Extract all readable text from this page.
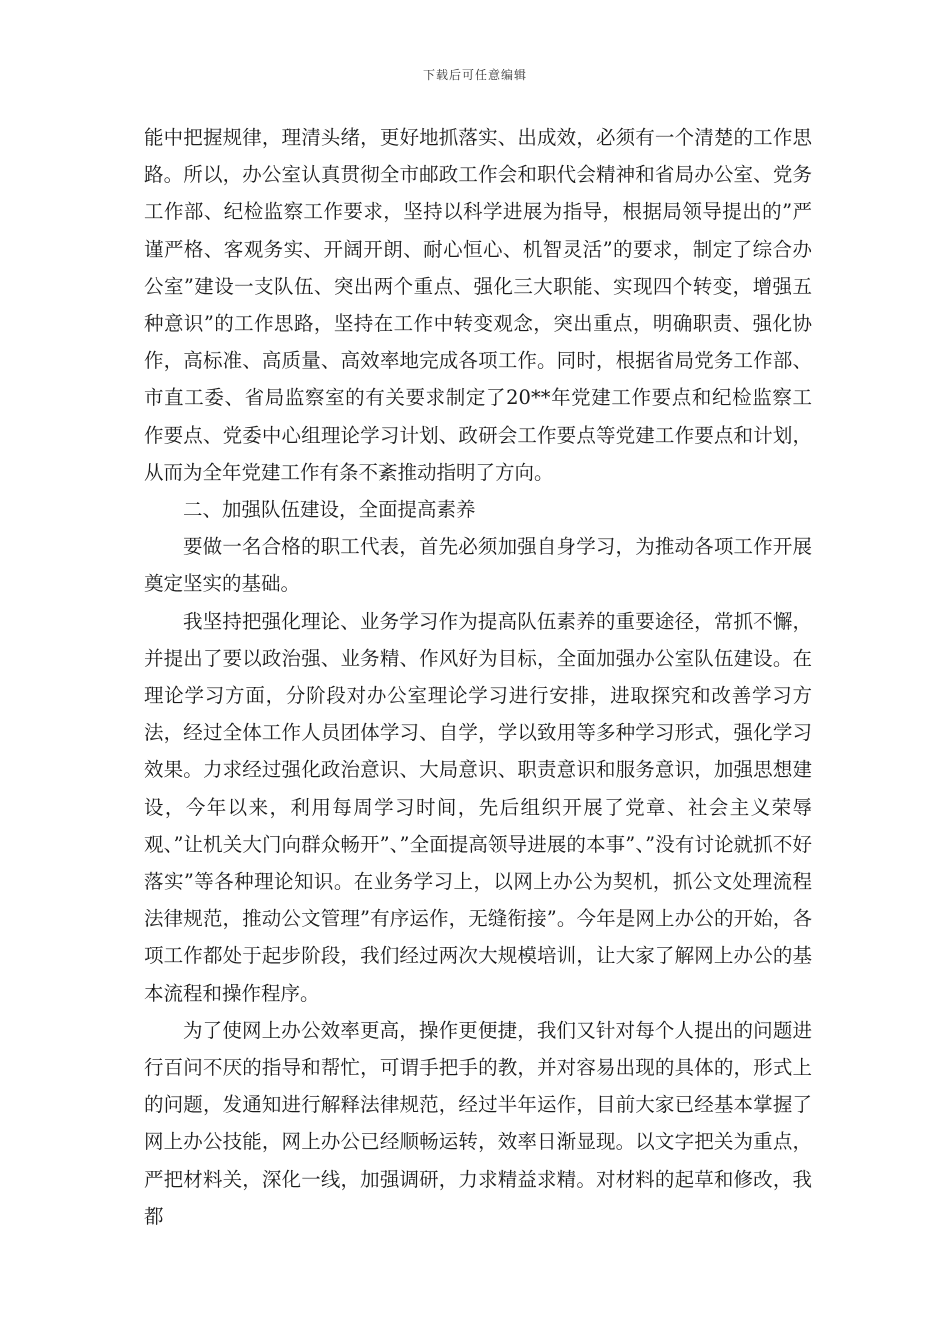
下载后可任意编辑

能中把握规律，理清头绪，更好地抓落实、出成效，必须有一个清楚的工作思路。所以，办公室认真贯彻全市邮政工作会和职代会精神和省局办公室、党务工作部、纪检监察工作要求，坚持以科学进展为指导，根据局领导提出的”严谨严格、客观务实、开阔开朗、耐心恒心、机智灵活”的要求，制定了综合办公室”建设一支队伍、突出两个重点、强化三大职能、实现四个转变，增强五种意识”的工作思路，坚持在工作中转变观念，突出重点，明确职责、强化协作，高标准、高质量、高效率地完成各项工作。同时，根据省局党务工作部、市直工委、省局监察室的有关要求制定了20**年党建工作要点和纪检监察工作要点、党委中心组理论学习计划、政研会工作要点等党建工作要点和计划，从而为全年党建工作有条不紊推动指明了方向。

二、加强队伍建设，全面提高素养

要做一名合格的职工代表，首先必须加强自身学习，为推动各项工作开展奠定坚实的基础。

我坚持把强化理论、业务学习作为提高队伍素养的重要途径，常抓不懈，并提出了要以政治强、业务精、作风好为目标，全面加强办公室队伍建设。在理论学习方面，分阶段对办公室理论学习进行安排，进取探究和改善学习方法，经过全体工作人员团体学习、自学，学以致用等多种学习形式，强化学习效果。力求经过强化政治意识、大局意识、职责意识和服务意识，加强思想建设，今年以来，利用每周学习时间，先后组织开展了党章、社会主义荣辱观、”让机关大门向群众畅开”、”全面提高领导进展的本事”、”没有讨论就抓不好落实”等各种理论知识。在业务学习上，以网上办公为契机，抓公文处理流程法律规范，推动公文管理”有序运作，无缝衔接”。今年是网上办公的开始，各项工作都处于起步阶段，我们经过两次大规模培训，让大家了解网上办公的基本流程和操作程序。

为了使网上办公效率更高，操作更便捷，我们又针对每个人提出的问题进行百问不厌的指导和帮忙，可谓手把手的教，并对容易出现的具体的，形式上的问题，发通知进行解释法律规范，经过半年运作，目前大家已经基本掌握了网上办公技能，网上办公已经顺畅运转，效率日渐显现。以文字把关为重点，严把材料关，深化一线，加强调研，力求精益求精。对材料的起草和修改，我都
